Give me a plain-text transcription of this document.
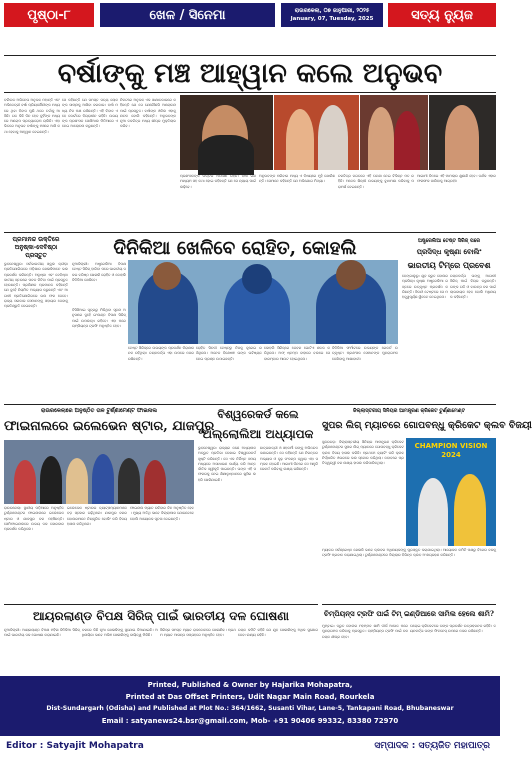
ପୃଷ୍ଠା-୮	ଖେଳ / ସିନେମା	ରାଉରକେଲା, ୦୭ ଜାନୁଆରୀ, ୨୦୨୫
January, 07, Tuesday, 2025	ସତ୍ୟ ନ୍ୟୁଜ
ବର୍ଷାଙ୍କୁ ମଞ୍ଚ ଆହ୍ୱାନ କଲେ ଅନୁଭବ
ବଲିଉଡ ଅଭିନେତା ଅନୁଭବ ମହାନ୍ତି ଏବଂ ଅଭିନେତ୍ରୀ ବର୍ଷା ପ୍ରିୟଦର୍ଶିନୀଙ୍କ ମଧ୍ୟରେ ଥିବା ବିବାଦ ପୁଣି ଥରେ ଚର୍ଚ୍ଚାକୁ ଆସିଛି। ଗତ କିଛି ଦିନ ହେବ ଦୁହିଁଙ୍କ ମଧ୍ୟରେ ଆରୋପ ପ୍ରତ୍ୟାରୋପ ଚାଲିଛି। ଏହା ଭିତରେ ଅନୁଭବ ବର୍ଷାଙ୍କୁ ମଞ୍ଚରେ ଆସି କଥା ହେବାକୁ ଆହ୍ୱାନ ଦେଇଛନ୍ତି।
ସେ କହିଛନ୍ତି ଯେ ସମସ୍ତ ସତ୍ୟ ଲୋକଙ୍କ ସାମ୍ନାକୁ ଆସିବା ଦରକାର। ବର୍ଷା ମଧ୍ୟ ନିଜ ପକ୍ଷ ରଖିଛନ୍ତି। ଏହି ବିବାଦ ଏବେ କୋର୍ଟରେ ବିଚାରାଧୀନ ରହିଛି। ଉଭୟଙ୍କ ପ୍ରଶଂସକ ସୋସିଆଲ ମିଡିଆରେ ଏ ନେଇ ଆଲୋଚନା କରୁଛନ୍ତି।
ନିକଟରେ ଅନୁଭବ ଏକ ସାକ୍ଷାତକାରରେ କହିଛନ୍ତି ଯେ ସେ ଯେକୌଣସି ଆଲୋଚନା ପାଇଁ ପ୍ରସ୍ତୁତ। ବର୍ଷାଙ୍କ ଓକିଲ ଏହାକୁ ନାଟକ ବୋଲି କହିଛନ୍ତି। ଅନୁଭବଙ୍କ ନୂଆ ଚଳଚ୍ଚିତ୍ର ମଧ୍ୟ ଶୀଘ୍ର ମୁକ୍ତିଲାଭ କରିବ।
ପ୍ରଶଂସକଙ୍କ ଉତ୍ତର ଅପେକ୍ଷା ରହିଛି। ବର୍ଷା ଗଣମାଧ୍ୟମ ସହ କଥା ହୋଇ କହିଛନ୍ତି ଯେ ସେ ନ୍ୟାୟ ପାଇଁ ଲଢ଼ିବେ।
ଅନୁଭବଙ୍କ ପରିବାର ମଧ୍ୟ ଏ ବିଷୟରେ ମୁହଁ ଖୋଲିଛନ୍ତି। ସେମାନେ କହିଛନ୍ତି ଯେ ଅଭିଯୋଗ ମିଥ୍ୟା।
ଚଳଚ୍ଚିତ୍ର ଜଗତରେ ଏହି ଘଟଣା ନେଇ ବିଭିନ୍ନ ମତ ରହିଛି। ଅନେକ ଶିଳ୍ପୀ ଉଭୟଙ୍କୁ ବୁଝାମଣା କରିବାକୁ ପରାମର୍ଶ ଦେଇଛନ୍ତି।
ଆଗାମୀ ଦିନରେ ଏହି ମାମଲାର ଶୁଣାଣି ହେବ। ଦର୍ଶକ ଏହାର ଫଳାଫଳ ଜାଣିବାକୁ ଆଗ୍ରହୀ।
ପ୍ରମାନନ୍ଦ ଉକ୍ତିରେ ଅନୁଷ୍କା-ଦେବିଷ୍ଠା ପ୍ରସ୍ତୁତ
ଭୁବନେଶ୍ୱର: ସର୍ବଭାରତୀୟ ସ୍କୁଲ କ୍ରୀଡ଼ା ପ୍ରତିଯୋଗିତାରେ ଓଡ଼ିଶାର ଖେଳାଳିମାନେ ଭଲ ପ୍ରଦର୍ଶନ କରିଛନ୍ତି। ଅନୁଷ୍କା ଏବଂ ଦେବିଷ୍ଠା ଜାତୀୟ ସ୍ତରରେ ପଦକ ଜିତିବା ପାଇଁ ପ୍ରସ୍ତୁତ ହେଉଛନ୍ତି। ପ୍ରଶିକ୍ଷକ ପ୍ରମାନନ୍ଦ କହିଛନ୍ତି ଯେ ଦୁହେଁ ନିୟମିତ ଅଭ୍ୟାସ କରୁଛନ୍ତି ଏବଂ ଆଗାମୀ ପ୍ରତିଯୋଗିତାରେ ଭଲ ଫଳ ଦେବେ। ରାଜ୍ୟ ସରକାର ସେମାନଙ୍କୁ ସହାୟତା ଦେବାକୁ ପ୍ରତିଶ୍ରୁତି ଦେଇଛନ୍ତି।
ଦିନିକିଆ ଖେଳିବେ ରୋହିତ, କୋହଲି
ନୂଆଦିଲ୍ଲୀ: ଅଷ୍ଟ୍ରେଲିଆ ବିପକ୍ଷ ଟେଷ୍ଟ ସିରିଜ୍ ହାରିବା ପରେ ଭାରତୀୟ ଦଳର ବରିଷ୍ଠ ଖେଳାଳି ରୋହିତ ଓ କୋହଲି ଦିନିକିଆ ଖେଳିବେ।
ବିସିସିଆଇ ସୂତ୍ରରୁ ମିଳିଥିବା ସୂଚନା ଅନୁସାରେ ଦୁହେଁ ଇଂଲଣ୍ଡ ବିପକ୍ଷ ସିରିଜ୍ ପାଇଁ ଉପଲବ୍ଧ ରହିବେ। ଏହା ପରେ ଚାମ୍ପିୟନ୍ସ ଟ୍ରଫି ଅନୁଷ୍ଠିତ ହେବ।
ଟେଷ୍ଟ ସିରିଜ୍‌ରେ ଉଭୟଙ୍କ ପ୍ରଦର୍ଶନ ନିରାଶାଜନକ ରହିଥିଲା। ଚୟନକର୍ତ୍ତା ଏହା ଉପରେ ନଜର ରଖିଛନ୍ତି।
ରୋହିତ ସିଡନୀ ଟେଷ୍ଟରୁ ନିଜକୁ ଦୂରେଇ ରଖିଥିଲେ। ଅନେକ ବିଶେଷଜ୍ଞ ତାଙ୍କ ଭବିଷ୍ୟତ ନେଇ ପ୍ରଶ୍ନ ଉଠାଇଛନ୍ତି।
କୋହଲି ସିରିଜ୍‌ରେ କେବଳ ଗୋଟିଏ ଶତକ କରିଥିଲେ। ଅଫ୍ ଷ୍ଟମ୍ପ ବାହାରେ ବଲରେ ସେ ବାରମ୍ବାର ଆଉଟ ହୋଇଥିଲେ।
ଦିନିକିଆ ଫର୍ମାଟରେ ଉଭୟଙ୍କ ରେକର୍ଡ ଉତ୍କୃଷ୍ଟ। ପ୍ରଶଂସକ ସେମାନଙ୍କ ପୁନରାଗମନ ଦେଖିବାକୁ ଆଶାବାଦୀ।
ଅଷ୍ଟ୍ରେଲିଆ ଟେଷ୍ଟ ସିରିଜ୍ ପରେ
ପ୍ରସିଦ୍ଧ କୃଷ୍ଣା ବୋଲିଂ
ଭାରତୀୟ ଟିମ୍‌ରେ ପ୍ରବେଶ
ବେଙ୍ଗାଲୁରୁ: ଯୁବ ଦ୍ରୁତ ବୋଲର ପ୍ରସିଦ୍ଧ କୃଷ୍ଣା ଅଷ୍ଟ୍ରେଲିଆ ଗସ୍ତରେ ଉତ୍କୃଷ୍ଟ ପ୍ରଦର୍ଶନ କରିଛନ୍ତି। ସିଡନୀ ଟେଷ୍ଟରେ ସେ ମହତ୍ତ୍ୱପୂର୍ଣ୍ଣ ୱିକେଟ ନେଇଥିଲେ।
ଚୟନକର୍ତ୍ତା ତାଙ୍କୁ ଆଗାମୀ ସିରିଜ୍ ପାଇଁ ବିଚାର କରୁଛନ୍ତି। ତାଙ୍କ ଗତି ଓ ବାଉନ୍ସ ଦଳ ପାଇଁ ଲାଭଦାୟକ ହେବ ବୋଲି ଅଧିନାୟକ କହିଛନ୍ତି।
ରାଉରକେଲାରେ ଅନୁଷ୍ଠିତ ତାଳ ଟୁର୍ଣ୍ଣାମେଣ୍ଟ ଫାଇନାଲ
ଫାଇନାଲରେ ଇଲେଭେନ ଷ୍ଟାର, ଯାଜପୁର
ରାଉରକେଲା: ସ୍ଥାନୀୟ ପଡ଼ିଆରେ ଅନୁଷ୍ଠିତ ଟୁର୍ଣ୍ଣାମେଣ୍ଟର ଫାଇନାଲରେ ଇଲେଭେନ ଷ୍ଟାର ଓ ଯାଜପୁର ଦଳ ପହଞ୍ଚିଛନ୍ତି। ସେମିଫାଇନାଲରେ ଉଭୟ ଦଳ ଜୋରଦାର ପ୍ରଦର୍ଶନ କରିଥିଲେ।
ଇଲେଭେନ ଷ୍ଟାରର ବ୍ୟାଟ୍ସମ୍ୟାନମାନେ ବଡ଼ ସ୍କୋର ଗଢ଼ିଥିଲେ। ଯାଜପୁର ଦଳର ବୋଲରମାନେ ନିୟନ୍ତ୍ରିତ ବୋଲିଂ କରି ବିଜୟ ହାସଲ କରିଥିଲେ।
ଫାଇନାଲ ମ୍ୟାଚ ରବିବାର ଦିନ ଅନୁଷ୍ଠିତ ହେବ। ମୁଖ୍ୟ ଅତିଥି ଭାବେ ଜିଲ୍ଲାପାଳ ଯୋଗଦେବେ ବୋଲି ଆୟୋଜକ ସୂଚନା ଦେଇଛନ୍ତି।
ବିଶ୍ୱରେକର୍ଡ କଲେ
ଅଲ୍ଲୋଲିଆ ଅଧ୍ୟାପକ
ଭୁବନେଶ୍ୱର: ରାଜ୍ୟର ଜଣେ ଅଧ୍ୟାପକ ଅଦ୍ଭୁତ ପ୍ରତିଭା ଦେଖାଇ ବିଶ୍ୱରେକର୍ଡ ସୃଷ୍ଟି କରିଛନ୍ତି। ସେ ଏକ ନିର୍ଦ୍ଦିଷ୍ଟ ସମୟ ମଧ୍ୟରେ ଅସାଧାରଣ କାର୍ଯ୍ୟ କରି ଆନ୍ତର୍ଜାତିକ ସ୍ୱୀକୃତି ପାଇଛନ୍ତି। ତାଙ୍କ ଏହି ସଫଳତାକୁ ନେଇ ଶିକ୍ଷାନୁଷ୍ଠାନରେ ଖୁସିର ଲହରି ଖେଳିଯାଇଛି।
ଛାତ୍ରଛାତ୍ରୀ ଓ ସହକର୍ମୀ ତାଙ୍କୁ ଅଭିନନ୍ଦନ ଜଣାଇଛନ୍ତି। ସେ କହିଛନ୍ତି ଯେ ନିରନ୍ତର ଅଭ୍ୟାସ ଓ ଦୃଢ଼ ସଂକଳ୍ପ ଦ୍ୱାରା ଏହା ସମ୍ଭବ ହୋଇଛି। ଆଗାମୀ ଦିନରେ ସେ ଆହୁରି ରେକର୍ଡ କରିବାକୁ ଲକ୍ଷ୍ୟ ରଖିଛନ୍ତି।
ଜିଲ୍ଲାସ୍ତରୀୟ ସିନିୟର ଆମନ୍ତ୍ରଣ କ୍ରିକେଟ ଟୁର୍ଣ୍ଣାମେଣ୍ଟ
ସୁପର ଲିଗ୍ ମ୍ୟାଚରେ ଗୋପବନ୍ଧୁ କ୍ରିକେଟ କ୍ଲବ ବିଜୟୀ
ସୁନ୍ଦରଗଡ଼: ଜିଲ୍ଲାସ୍ତରୀୟ ସିନିୟର ଆମନ୍ତ୍ରଣ କ୍ରିକେଟ ଟୁର୍ଣ୍ଣାମେଣ୍ଟର ସୁପର ଲିଗ୍ ମ୍ୟାଚରେ ଗୋପବନ୍ଧୁ କ୍ରିକେଟ କ୍ଲବ ବିଜୟ ହାସଲ କରିଛି। ପ୍ରଥମେ ବ୍ୟାଟିଂ କରି କ୍ଲବ ନିର୍ଦ୍ଧାରିତ ଓଭରରେ ଭଲ ସ୍କୋର କରିଥିଲା। ଜବାବରେ ପ୍ରତିଦ୍ୱନ୍ଦ୍ୱୀ ଦଳ ଲକ୍ଷ୍ୟ ହାସଲ କରିପାରିନଥିଲା।
CHAMPION VISION 2024
ମ୍ୟାଚର ସର୍ବଶ୍ରେଷ୍ଠ ଖେଳାଳି ଭାବେ କ୍ଲବର ଅଧିନାୟକଙ୍କୁ ପୁରସ୍କୃତ କରାଯାଇଥିଲା। ଆୟୋଜକ କମିଟି ପକ୍ଷରୁ ବିଜେତା ଦଳକୁ ଟ୍ରଫି ପ୍ରଦାନ କରାଯାଇଥିଲା। ଟୁର୍ଣ୍ଣାମେଣ୍ଟରେ ଜିଲ୍ଲାର ବିଭିନ୍ନ କ୍ଲବ ଅଂଶଗ୍ରହଣ କରିଛନ୍ତି।
ଚିମ୍ପିୟନ୍ସ ଟ୍ରଫି ପାଇଁ ଟିମ୍ ଇଣ୍ଡିଆରେ ସାମିଲ ହେଲେ ଶାମି?
ମୁମ୍ବାଇ: ଦ୍ରୁତ ବୋଲର ମହମ୍ମଦ ଶାମି ଦୀର୍ଘ ଆଘାତ ପରେ ପୁନରାଗମନ କରିବାକୁ ପ୍ରସ୍ତୁତ। ଚାମ୍ପିୟନ୍ସ ଟ୍ରଫି ପାଇଁ ଦଳ ଚୟନ ଶୀଘ୍ର ହେବ।
ଘରୋଇ କ୍ରିକେଟରେ ତାଙ୍କ ପ୍ରଦର୍ଶନ ଉତ୍ସାହଜନକ ରହିଛି। ଚୟନକର୍ତ୍ତା ତାଙ୍କ ଫିଟନେସ୍ ଉପରେ ନଜର ରଖିଛନ୍ତି।
ଆୟରଲାଣ୍ଡ ବିପକ୍ଷ ସିରିଜ୍ ପାଇଁ ଭାରତୀୟ ଦଳ ଘୋଷଣା
ନୂଆଦିଲ୍ଲୀ: ଆୟରଲାଣ୍ଡ ବିପକ୍ଷ ମହିଳା ଦିନିକିଆ ସିରିଜ୍ ପାଇଁ ଭାରତୀୟ ଦଳ ଘୋଷଣା କରାଯାଇଛି।
ଦଳରେ କିଛି ନୂଆ ଖେଳାଳିଙ୍କୁ ସୁଯୋଗ ଦିଆଯାଇଛି। ଅଧିନାୟିକା ଭାବେ ଅଭିଜ୍ଞ ଖେଳାଳିଙ୍କୁ ଦାୟିତ୍ୱ ମିଳିଛି।
ସିରିଜ୍‌ର ସମସ୍ତ ମ୍ୟାଚ ରାଜକୋଟରେ ଖେଳାଯିବ। ପ୍ରଥମ ମ୍ୟାଚ ଆସନ୍ତା ସପ୍ତାହରେ ଅନୁଷ୍ଠିତ ହେବ।
ଚୟନ କମିଟି କହିଛି ଯେ ଯୁବ ଖେଳାଳିଙ୍କୁ ଅଧିକ ସୁଯୋଗ ଦେବା ଲକ୍ଷ୍ୟ ରହିଛି।
Printed, Published & Owner by Hajarika Mohapatra,
Printed at Das Offset Printers, Udit Nagar Main Road, Rourkela
Dist-Sundargarh (Odisha) and Published at Plot No.: 364/1662, Susanti Vihar, Lane-5, Tankapani Road, Bhubaneswar
Email : satyanews24.bsr@gmail.com, Mob- +91 90406 99332, 83380 72970
Editor : Satyajit Mohapatra	ସମ୍ପାଦକ : ସତ୍ୟଜିତ ମହାପାତ୍ର
